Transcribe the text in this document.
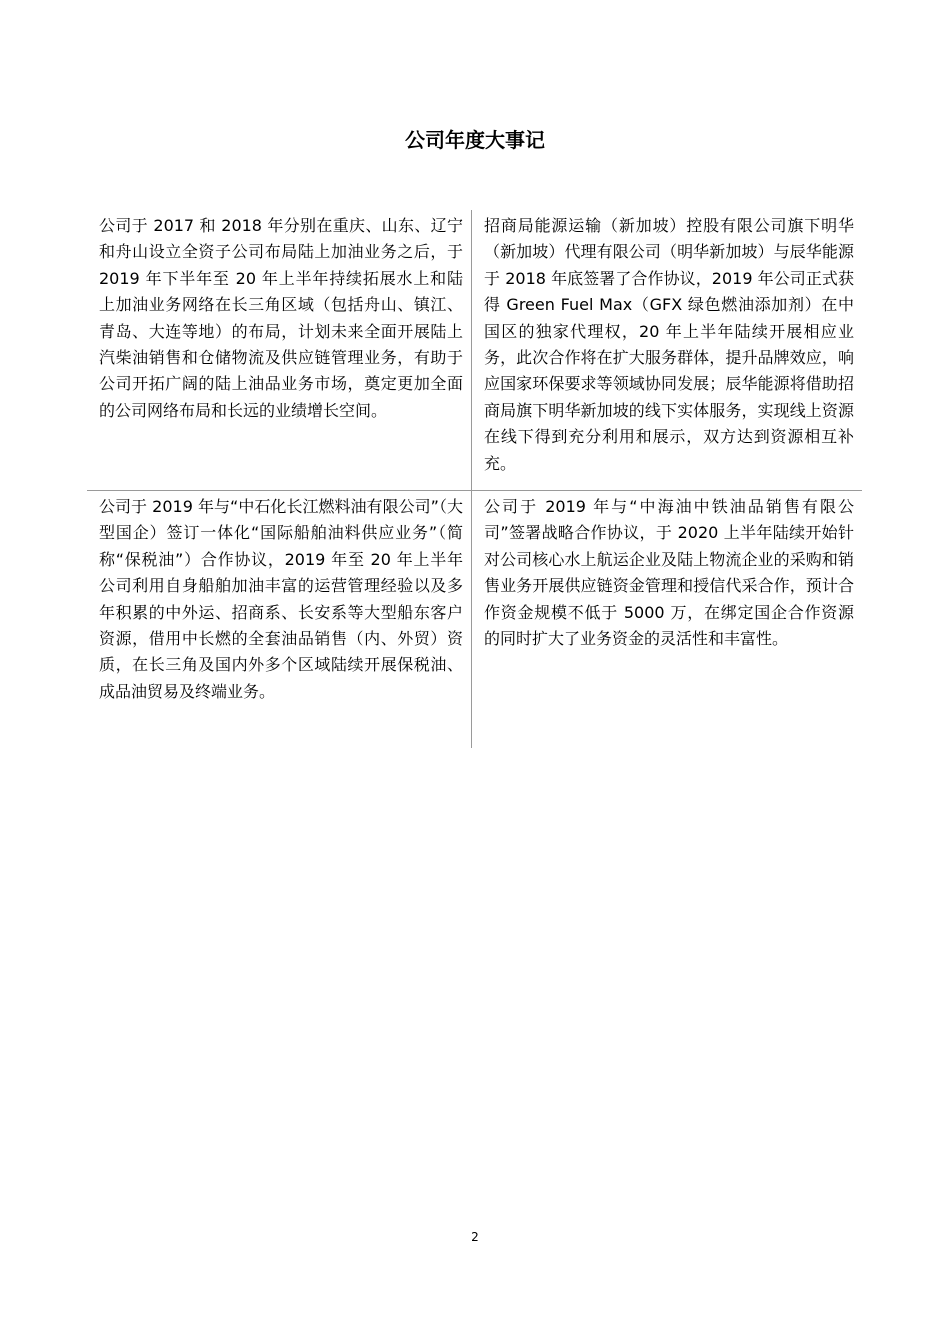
公司年度大事记
公司于 2017 和 2018 年分别在重庆、山东、辽宁和舟山设立全资子公司布局陆上加油业务之后，于 2019 年下半年至 20 年上半年持续拓展水上和陆上加油业务网络在长三角区域（包括舟山、镇江、青岛、大连等地）的布局，计划未来全面开展陆上汽柴油销售和仓储物流及供应链管理业务，有助于公司开拓广阔的陆上油品业务市场，奠定更加全面的公司网络布局和长远的业绩增长空间。
招商局能源运输（新加坡）控股有限公司旗下明华（新加坡）代理有限公司（明华新加坡）与辰华能源于 2018 年底签署了合作协议，2019 年公司正式获得 Green Fuel Max（GFX 绿色燃油添加剂）在中国区的独家代理权，20 年上半年陆续开展相应业务，此次合作将在扩大服务群体，提升品牌效应，响应国家环保要求等领域协同发展；辰华能源将借助招商局旗下明华新加坡的线下实体服务，实现线上资源在线下得到充分利用和展示，双方达到资源相互补充。
公司于 2019 年与“中石化长江燃料油有限公司”（大型国企）签订一体化“国际船舶油料供应业务”（简称“保税油”）合作协议，2019 年至 20 年上半年公司利用自身船舶加油丰富的运营管理经验以及多年积累的中外运、招商系、长安系等大型船东客户资源，借用中长燃的全套油品销售（内、外贸）资质，在长三角及国内外多个区域陆续开展保税油、成品油贸易及终端业务。
公司于 2019 年与“中海油中铁油品销售有限公司”签署战略合作协议，于 2020 上半年陆续开始针对公司核心水上航运企业及陆上物流企业的采购和销售业务开展供应链资金管理和授信代采合作，预计合作资金规模不低于 5000 万，在绑定国企合作资源的同时扩大了业务资金的灵活性和丰富性。
2
